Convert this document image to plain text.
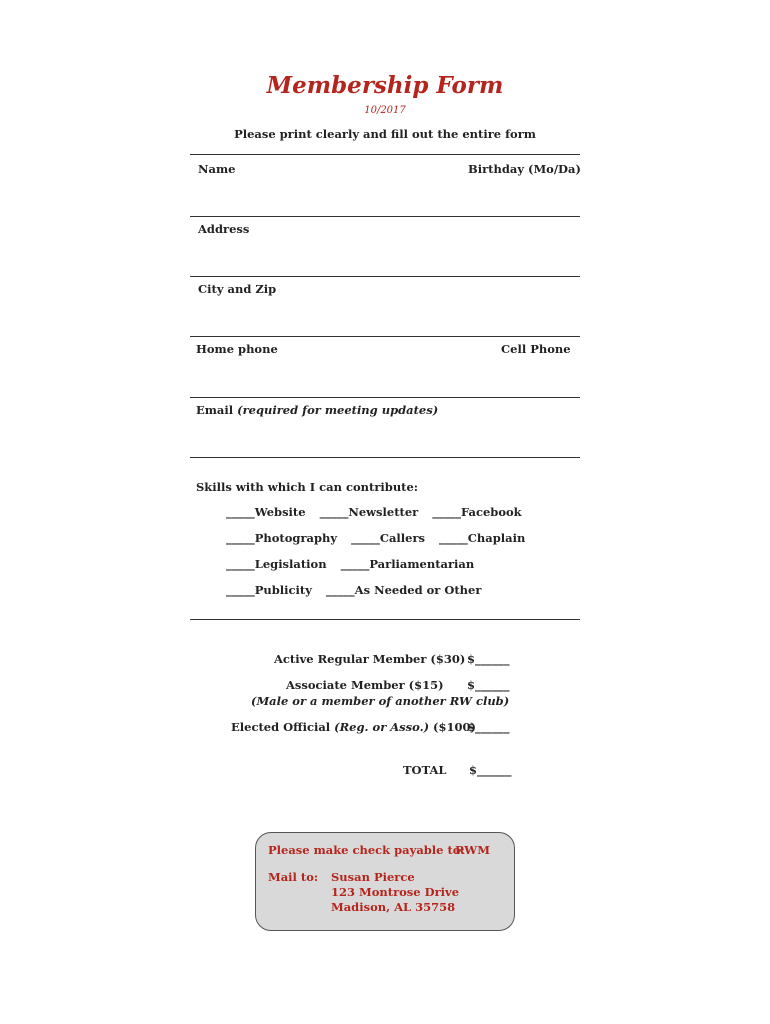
Membership Form
10/2017
Please print clearly and fill out the entire form
Name	Birthday (Mo/Da)
Address
City and Zip
Home phone	Cell Phone
Email (required for meeting updates)
Skills with which I can contribute:
_____Website _____Newsletter _____Facebook
_____Photography _____Callers _____Chaplain
_____Legislation _____Parliamentarian
_____Publicity _____As Needed or Other
Active Regular Member ($30) $______
Associate Member ($15) $______
(Male or a member of another RW club)
Elected Official (Reg. or Asso.) ($100)
$______
TOTAL $______
Please make check payable to:
RWM
Mail to: Susan Pierce
123 Montrose Drive
Madison, AL 35758
